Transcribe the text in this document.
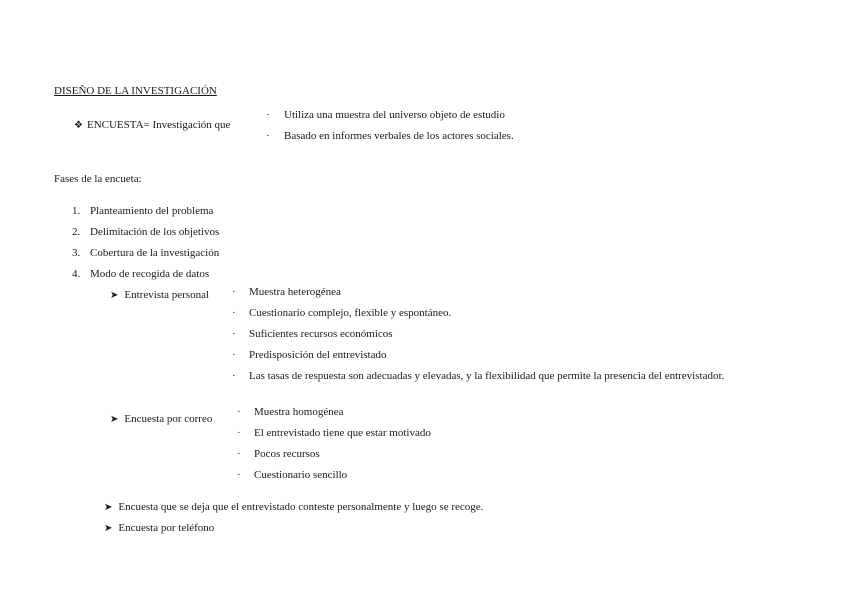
DISEÑO DE LA INVESTIGACIÓN
❖ ENCUESTA= Investigación que
·	Utiliza una muestra del universo objeto de estudio
·	Basado en informes verbales de los actores sociales.
Fases de la encueta:
1. Planteamiento del problema
2. Delimitación de los objetivos
3. Cobertura de la investigación
4. Modo de recogida de datos
➤ Entrevista personal ·	Muestra heterogénea
·	Cuestionario complejo, flexible y espontáneo.
·	Suficientes recursos económicos
·	Predisposición del entrevistado
·	Las tasas de respuesta son adecuadas y elevadas, y la flexibilidad que permite la presencia del entrevistador.
➤ Encuesta por correo
·	Muestra homogénea
·	El entrevistado tiene que estar motivado
·	Pocos recursos
·	Cuestionario sencillo
➤ Encuesta que se deja que el entrevistado conteste personalmente y luego se recoge.
➤ Encuesta por teléfono
